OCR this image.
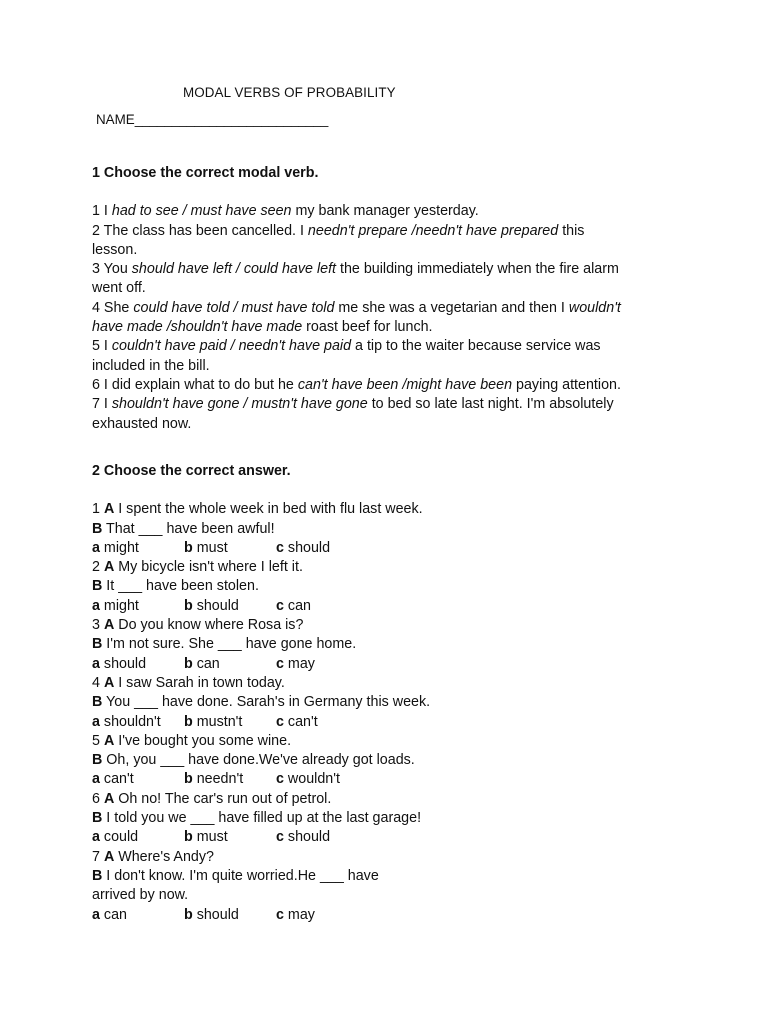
MODAL VERBS OF PROBABILITY
NAME__________________________
1 Choose the correct modal verb.
1 I had to see / must have seen my bank manager yesterday.
2 The class has been cancelled. I needn't prepare /needn't have prepared this
lesson.
3 You should have left / could have left the building immediately when the fire alarm
went off.
4 She could have told / must have told me she was a vegetarian and then I wouldn't
have made /shouldn't have made roast beef for lunch.
5 I couldn't have paid / needn't have paid a tip to the waiter because service was
included in the bill.
6 I did explain what to do but he can't have been /might have been paying attention.
7 I shouldn't have gone / mustn't have gone to bed so late last night. I'm absolutely
exhausted now.
2 Choose the correct answer.
1 A I spent the whole week in bed with flu last week.
B That ___ have been awful!
a might	b must	c should
2 A My bicycle isn't where I left it.
B It ___ have been stolen.
a might	b should	c can
3 A Do you know where Rosa is?
B I'm not sure. She ___ have gone home.
a should	b can	c may
4 A I saw Sarah in town today.
B You ___ have done. Sarah's in Germany this week.
a shouldn't	b mustn't	c can't
5 A I've bought you some wine.
B Oh, you ___ have done.We've already got loads.
a can't	b needn't	c wouldn't
6 A Oh no! The car's run out of petrol.
B I told you we ___ have filled up at the last garage!
a could	b must	c should
7 A Where's Andy?
B I don't know. I'm quite worried.He ___ have
arrived by now.
a can	b should	c may
